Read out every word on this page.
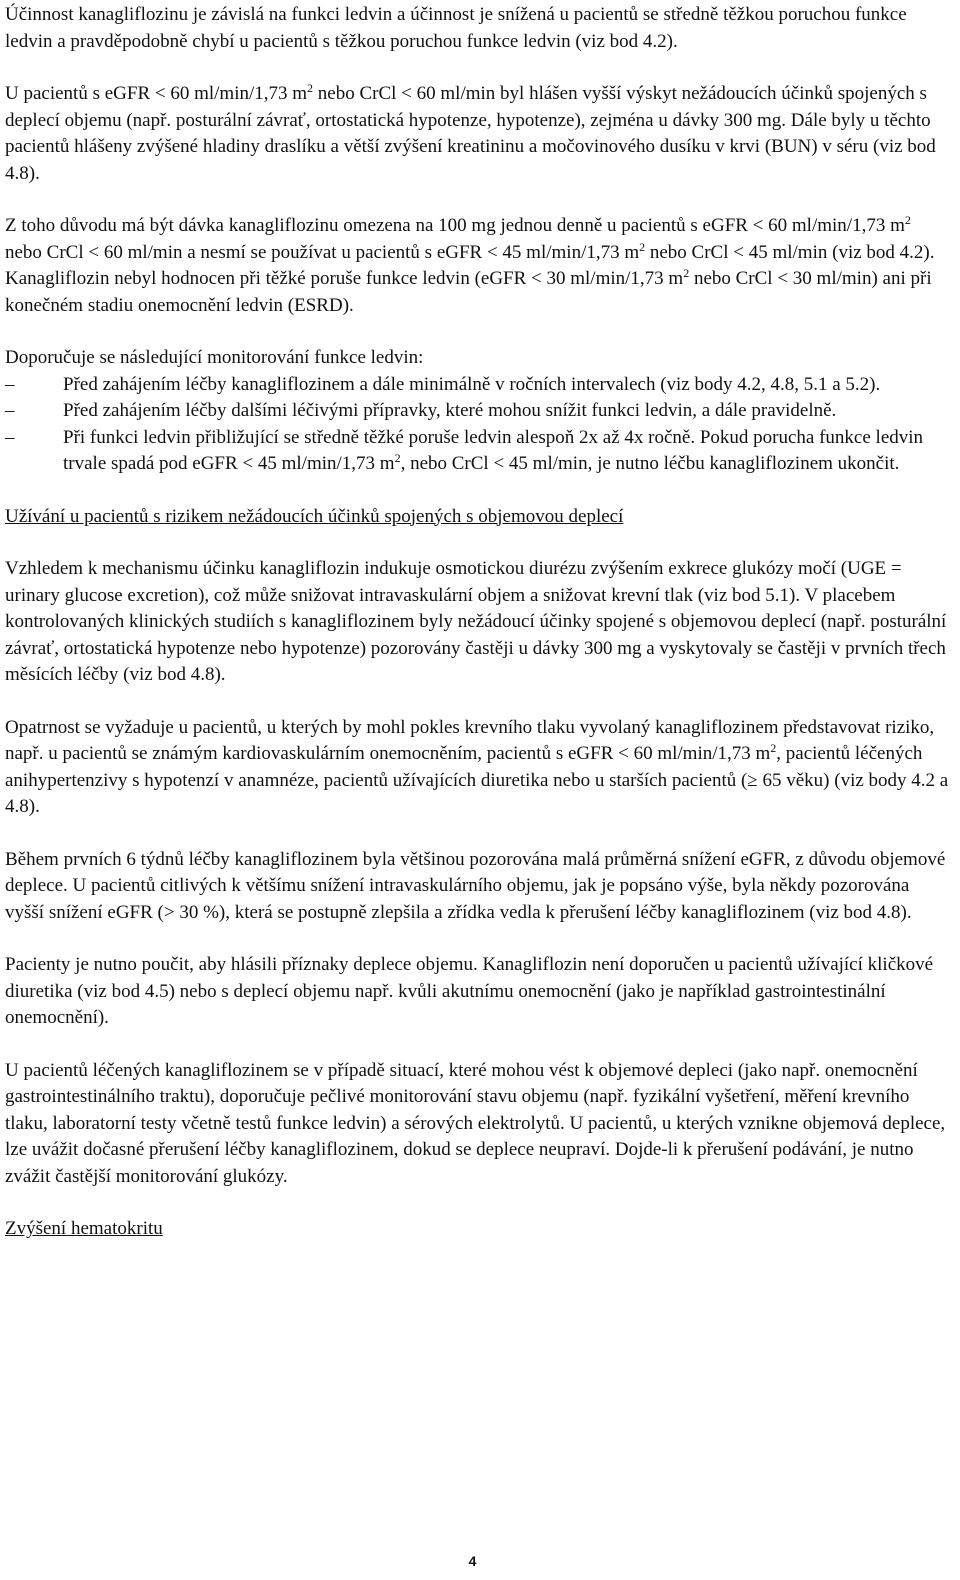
Účinnost kanagliflozinu je závislá na funkci ledvin a účinnost je snížená u pacientů se středně těžkou poruchou funkce ledvin a pravděpodobně chybí u pacientů s těžkou poruchou funkce ledvin (viz bod 4.2).

U pacientů s eGFR < 60 ml/min/1,73 $m^2$ nebo CrCl < 60 ml/min byl hlášen vyšší výskyt nežádoucích účinků spojených s deplecí objemu (např. posturální závrať, ortostatická hypotenze, hypotenze), zejména u dávky 300 mg. Dále byly u těchto pacientů hlášeny zvýšené hladiny draslíku a větší zvýšení kreatininu a močovinového dusíku v krvi (BUN) v séru (viz bod 4.8).

Z toho důvodu má být dávka kanagliflozinu omezena na 100 mg jednou denně u pacientů s eGFR < 60 ml/min/1,73 $m^2$ nebo CrCl < 60 ml/min a nesmí se používat u pacientů s eGFR < 45 ml/min/1,73 $m^2$ nebo CrCl < 45 ml/min (viz bod 4.2). Kanagliflozin nebyl hodnocen při těžké poruše funkce ledvin (eGFR < 30 ml/min/1,73 $m^2$ nebo CrCl < 30 ml/min) ani při konečném stadiu onemocnění ledvin (ESRD).

Doporučuje se následující monitorování funkce ledvin:
–	Před zahájením léčby kanagliflozinem a dále minimálně v ročních intervalech (viz body 4.2, 4.8, 5.1 a 5.2).
–	Před zahájením léčby dalšími léčivými přípravky, které mohou snížit funkci ledvin, a dále pravidelně.
–	Při funkci ledvin přibližující se středně těžké poruše ledvin alespoň 2x až 4x ročně. Pokud porucha funkce ledvin trvale spadá pod eGFR < 45 ml/min/1,73 $m^2$, nebo CrCl < 45 ml/min, je nutno léčbu kanagliflozinem ukončit.

Užívání u pacientů s rizikem nežádoucích účinků spojených s objemovou deplecí

Vzhledem k mechanismu účinku kanagliflozin indukuje osmotickou diurézu zvýšením exkrece glukózy močí (UGE = urinary glucose excretion), což může snižovat intravaskulární objem a snižovat krevní tlak (viz bod 5.1). V placebem kontrolovaných klinických studiích s kanagliflozinem byly nežádoucí účinky spojené s objemovou deplecí (např. posturální závrať, ortostatická hypotenze nebo hypotenze) pozorovány častěji u dávky 300 mg a vyskytovaly se častěji v prvních třech měsících léčby (viz bod 4.8).

Opatrnost se vyžaduje u pacientů, u kterých by mohl pokles krevního tlaku vyvolaný kanagliflozinem představovat riziko, např. u pacientů se známým kardiovaskulárním onemocněním, pacientů s eGFR < 60 ml/min/1,73 $m^2$, pacientů léčených anihypertenzivy s hypotenzí v anamnéze, pacientů užívajících diuretika nebo u starších pacientů (≥ 65 věku) (viz body 4.2 a 4.8).

Během prvních 6 týdnů léčby kanagliflozinem byla většinou pozorována malá průměrná snížení eGFR, z důvodu objemové deplece. U pacientů citlivých k většímu snížení intravaskulárního objemu, jak je popsáno výše, byla někdy pozorována vyšší snížení eGFR (> 30 %), která se postupně zlepšila a zřídka vedla k přerušení léčby kanagliflozinem (viz bod 4.8).

Pacienty je nutno poučit, aby hlásili příznaky deplece objemu. Kanagliflozin není doporučen u pacientů užívající kličkové diuretika (viz bod 4.5) nebo s deplecí objemu např. kvůli akutnímu onemocnění (jako je například gastrointestinální onemocnění).

U pacientů léčených kanagliflozinem se v případě situací, které mohou vést k objemové depleci (jako např. onemocnění gastrointestinálního traktu), doporučuje pečlivé monitorování stavu objemu (např. fyzikální vyšetření, měření krevního tlaku, laboratorní testy včetně testů funkce ledvin) a sérových elektrolytů. U pacientů, u kterých vznikne objemová deplece, lze uvážit dočasné přerušení léčby kanagliflozinem, dokud se deplece neupraví. Dojde-li k přerušení podávání, je nutno zvážit častější monitorování glukózy.

Zvýšení hematokritu

4
